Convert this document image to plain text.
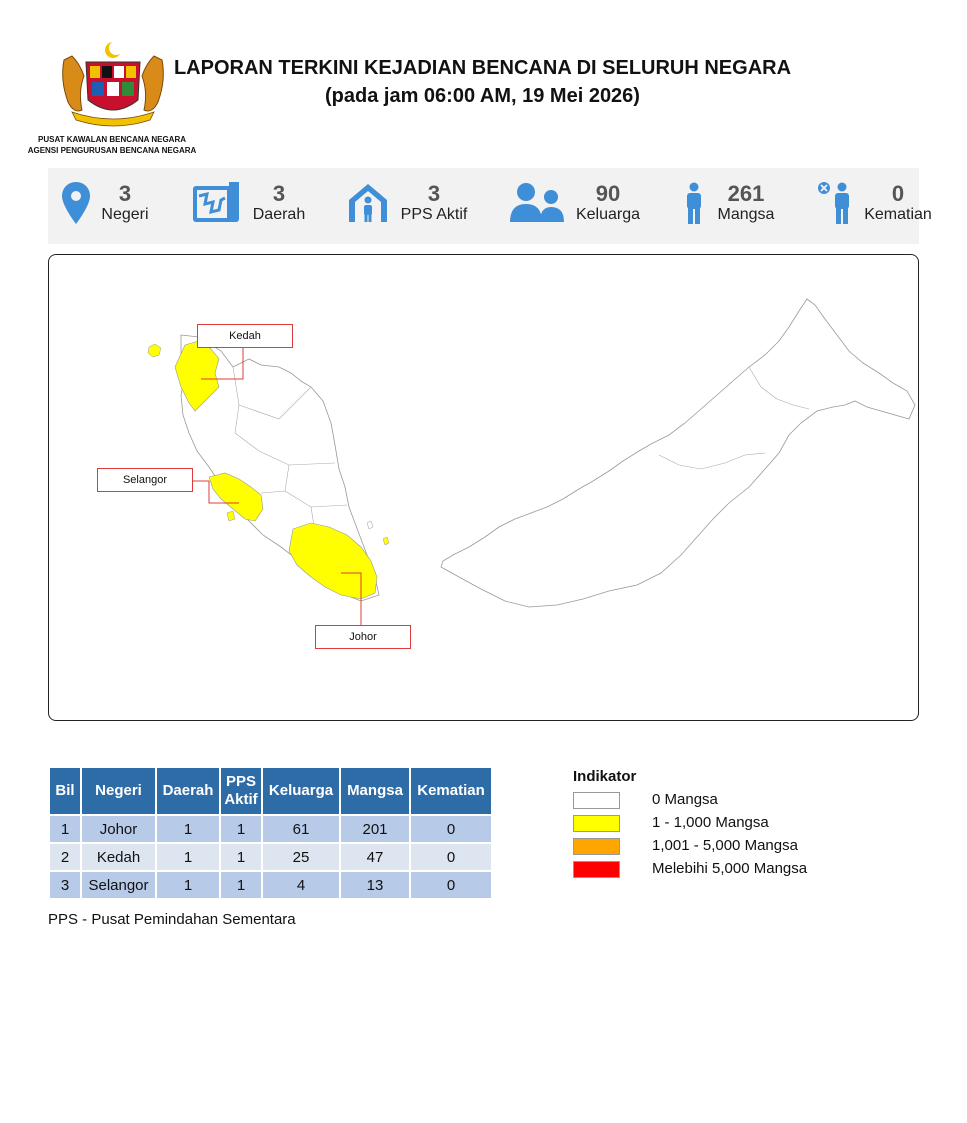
PUSAT KAWALAN BENCANA NEGARA
AGENSI PENGURUSAN BENCANA NEGARA
LAPORAN TERKINI KEJADIAN BENCANA DI SELURUH NEGARA
(pada jam 06:00 AM, 19 Mei 2026)
3
Negeri
3
Daerah
3
PPS Aktif
90
Keluarga
261
Mangsa
0
Kematian
Kedah
Selangor
Johor
Bil	Negeri	Daerah	PPS Aktif	Keluarga	Mangsa	Kematian
1	Johor	1	1	61	201	0
2	Kedah	1	1	25	47	0
3	Selangor	1	1	4	13	0
PPS - Pusat Pemindahan Sementara
Indikator
0 Mangsa
1 - 1,000 Mangsa
1,001 - 5,000 Mangsa
Melebihi 5,000 Mangsa
